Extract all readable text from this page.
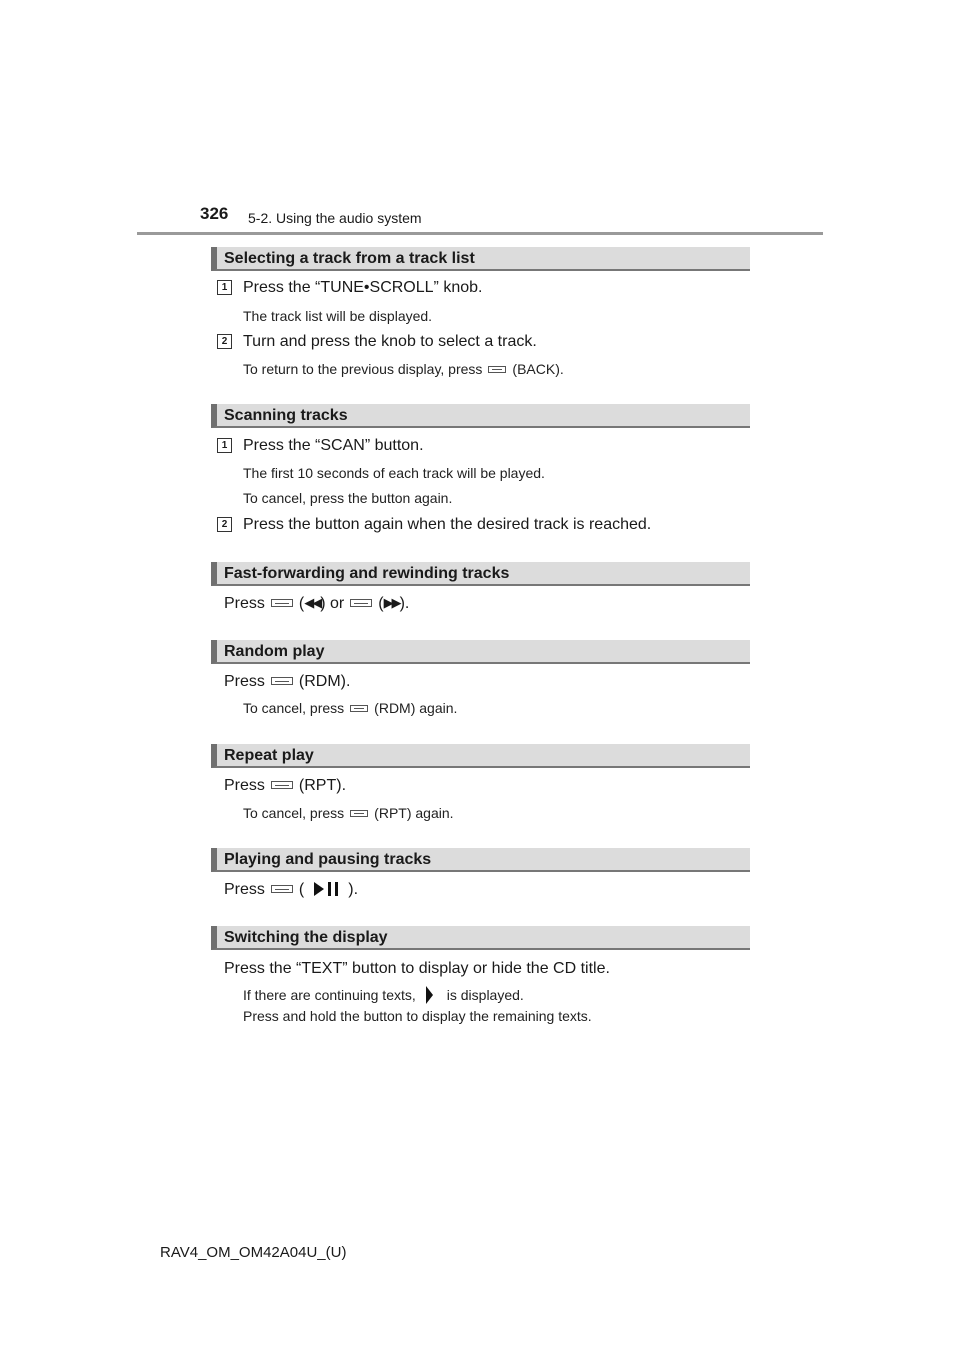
326 5-2. Using the audio system
Selecting a track from a track list
1 Press the “TUNE•SCROLL” knob.
The track list will be displayed.
2 Turn and press the knob to select a track.
To return to the previous display, press (BACK).
Scanning tracks
1 Press the “SCAN” button.
The first 10 seconds of each track will be played.
To cancel, press the button again.
2 Press the button again when the desired track is reached.
Fast-forwarding and rewinding tracks
Press (◀◀) or (▶▶).
Random play
Press (RDM).
To cancel, press (RDM) again.
Repeat play
Press (RPT).
To cancel, press (RPT) again.
Playing and pausing tracks
Press (	).
Switching the display
Press the “TEXT” button to display or hide the CD title.
If there are continuing texts, is displayed.
Press and hold the button to display the remaining texts.
RAV4_OM_OM42A04U_(U)
